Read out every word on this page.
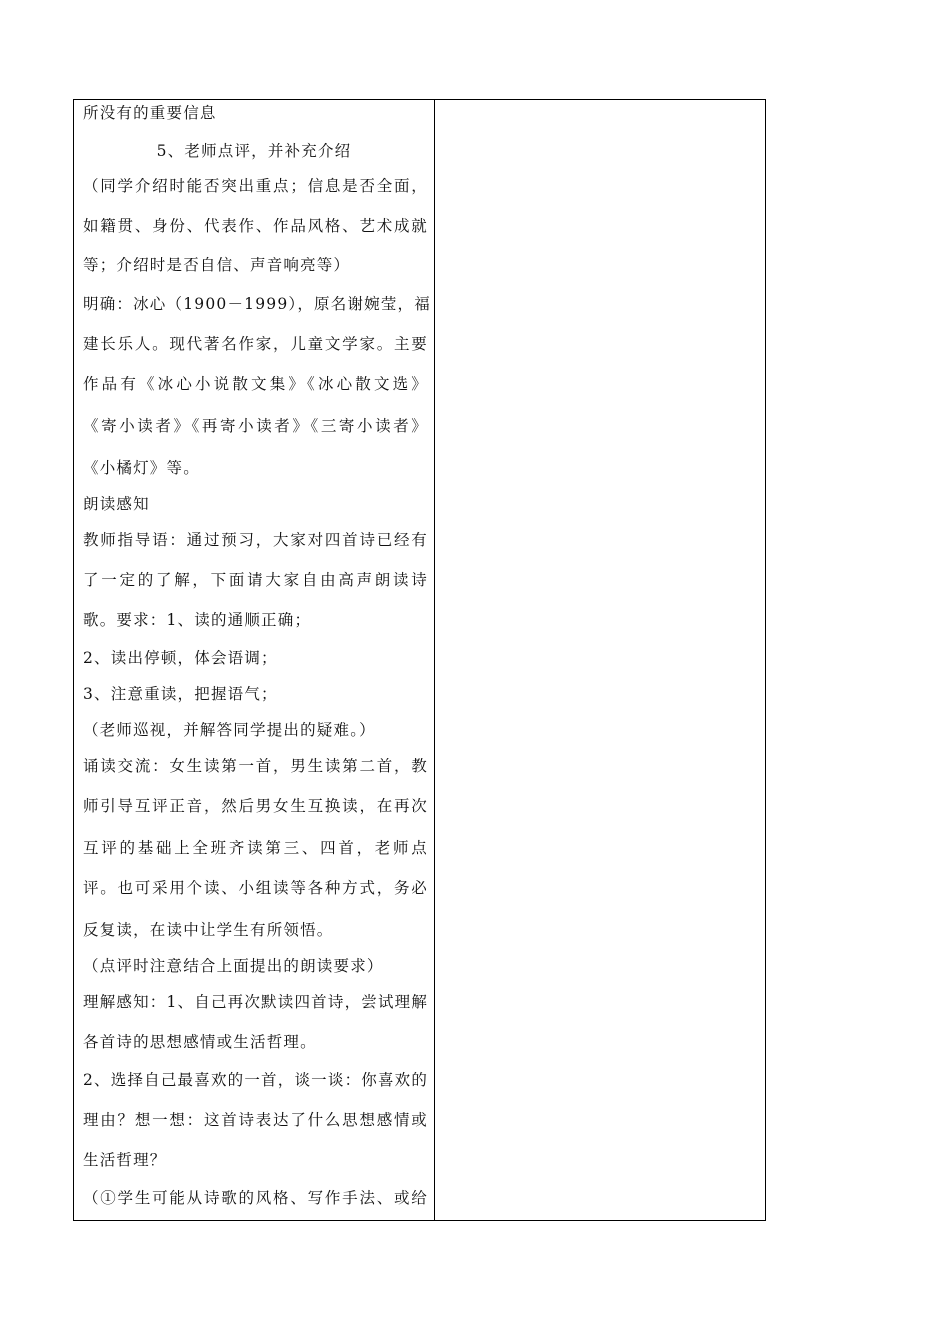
所没有的重要信息
5、老师点评，并补充介绍
（同学介绍时能否突出重点；信息是否全面，
如籍贯、身份、代表作、作品风格、艺术成就
等；介绍时是否自信、声音响亮等）
明确：冰心（1900－1999），原名谢婉莹，福
建长乐人。现代著名作家，儿童文学家。主要
作品有《冰心小说散文集》《冰心散文选》
《寄小读者》《再寄小读者》《三寄小读者》
《小橘灯》等。
朗读感知
教师指导语：通过预习，大家对四首诗已经有
了一定的了解，下面请大家自由高声朗读诗
歌。要求：1、读的通顺正确；
2、读出停顿，体会语调；
3、注意重读，把握语气；
（老师巡视，并解答同学提出的疑难。）
诵读交流：女生读第一首，男生读第二首，教
师引导互评正音，然后男女生互换读，在再次
互评的基础上全班齐读第三、四首，老师点
评。也可采用个读、小组读等各种方式，务必
反复读，在读中让学生有所领悟。
（点评时注意结合上面提出的朗读要求）
理解感知：1、自己再次默读四首诗，尝试理解
各首诗的思想感情或生活哲理。
2、选择自己最喜欢的一首，谈一谈：你喜欢的
理由？想一想：这首诗表达了什么思想感情或
生活哲理？
（①学生可能从诗歌的风格、写作手法、或给
